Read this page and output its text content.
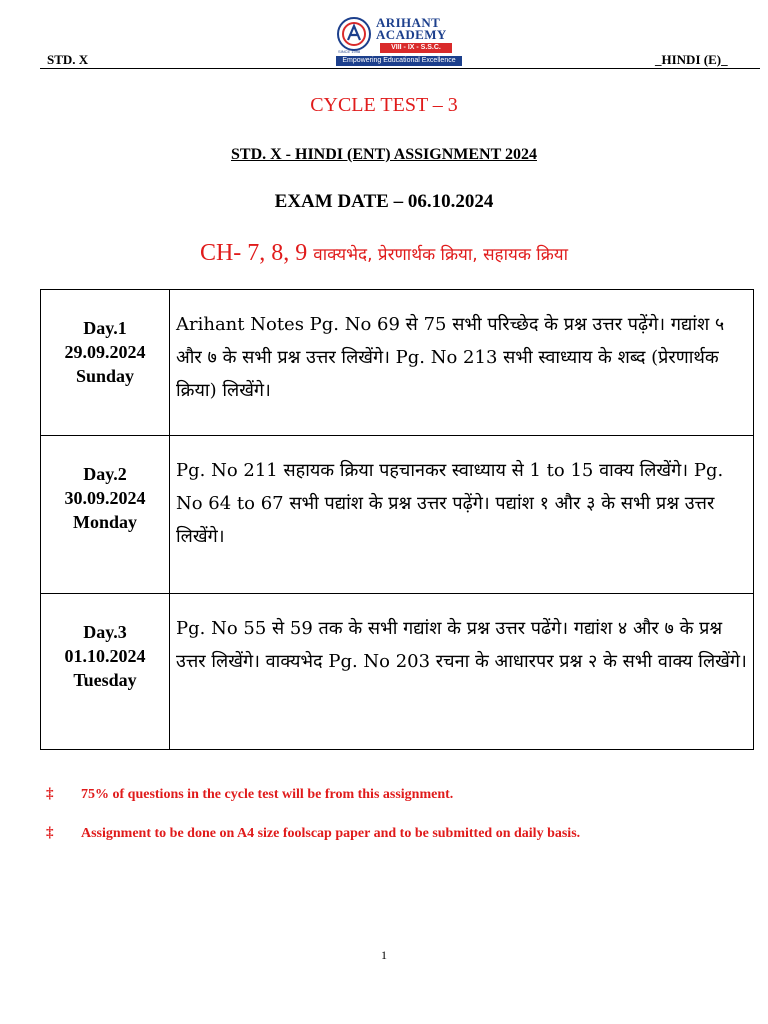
STD. X
ARIHANT
ACADEMY
VIII - IX - S.S.C.
SINCE 1998
Empowering Educational Excellence	_HINDI (E)_
CYCLE TEST – 3
STD. X - HINDI (ENT) ASSIGNMENT 2024
EXAM DATE – 06.10.2024
CH- 7, 8, 9 वाक्यभेद, प्रेरणार्थक क्रिया, सहायक क्रिया
Day.1
29.09.2024
Sunday	Arihant Notes Pg. No 69 से 75 सभी परिच्छेद के प्रश्न उत्तर पढ़ेंगे। गद्यांश ५ और ७ के सभी प्रश्न उत्तर लिखेंगे। Pg. No 213 सभी स्वाध्याय के शब्द (प्रेरणार्थक क्रिया) लिखेंगे।

Day.2
30.09.2024
Monday	Pg. No 211 सहायक क्रिया पहचानकर स्वाध्याय से 1 to 15 वाक्य लिखेंगे। Pg. No 64 to 67 सभी पद्यांश के प्रश्न उत्तर पढ़ेंगे। पद्यांश १ और ३ के सभी प्रश्न उत्तर लिखेंगे।

Day.3
01.10.2024
Tuesday	Pg. No 55 से 59 तक के सभी गद्यांश के प्रश्न उत्तर पढेंगे। गद्यांश ४ और ७ के प्रश्न उत्तर लिखेंगे। वाक्यभेद Pg. No 203 रचना के आधारपर प्रश्न २ के सभी वाक्य लिखेंगे।
‡ 75% of questions in the cycle test will be from this assignment.
‡ Assignment to be done on A4 size foolscap paper and to be submitted on daily basis.
1
